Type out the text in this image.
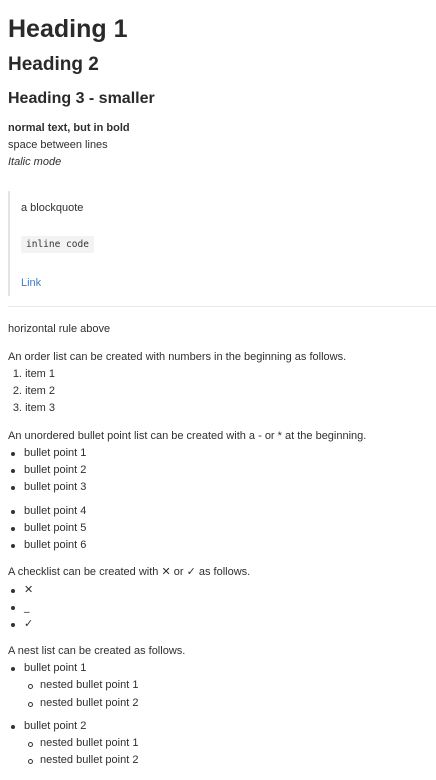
Heading 1
Heading 2
Heading 3 - smaller
normal text, but in bold
space between lines
Italic mode
a blockquote
inline code
Link
horizontal rule above
An order list can be created with numbers in the beginning as follows.
1. item 1
2. item 2
3. item 3
An unordered bullet point list can be created with a - or * at the beginning.
bullet point 1
bullet point 2
bullet point 3
bullet point 4
bullet point 5
bullet point 6
A checklist can be created with ✕ or ✓ as follows.
✕
_
✓
A nest list can be created as follows.
bullet point 1
nested bullet point 1
nested bullet point 2
bullet point 2
nested bullet point 1
nested bullet point 2
